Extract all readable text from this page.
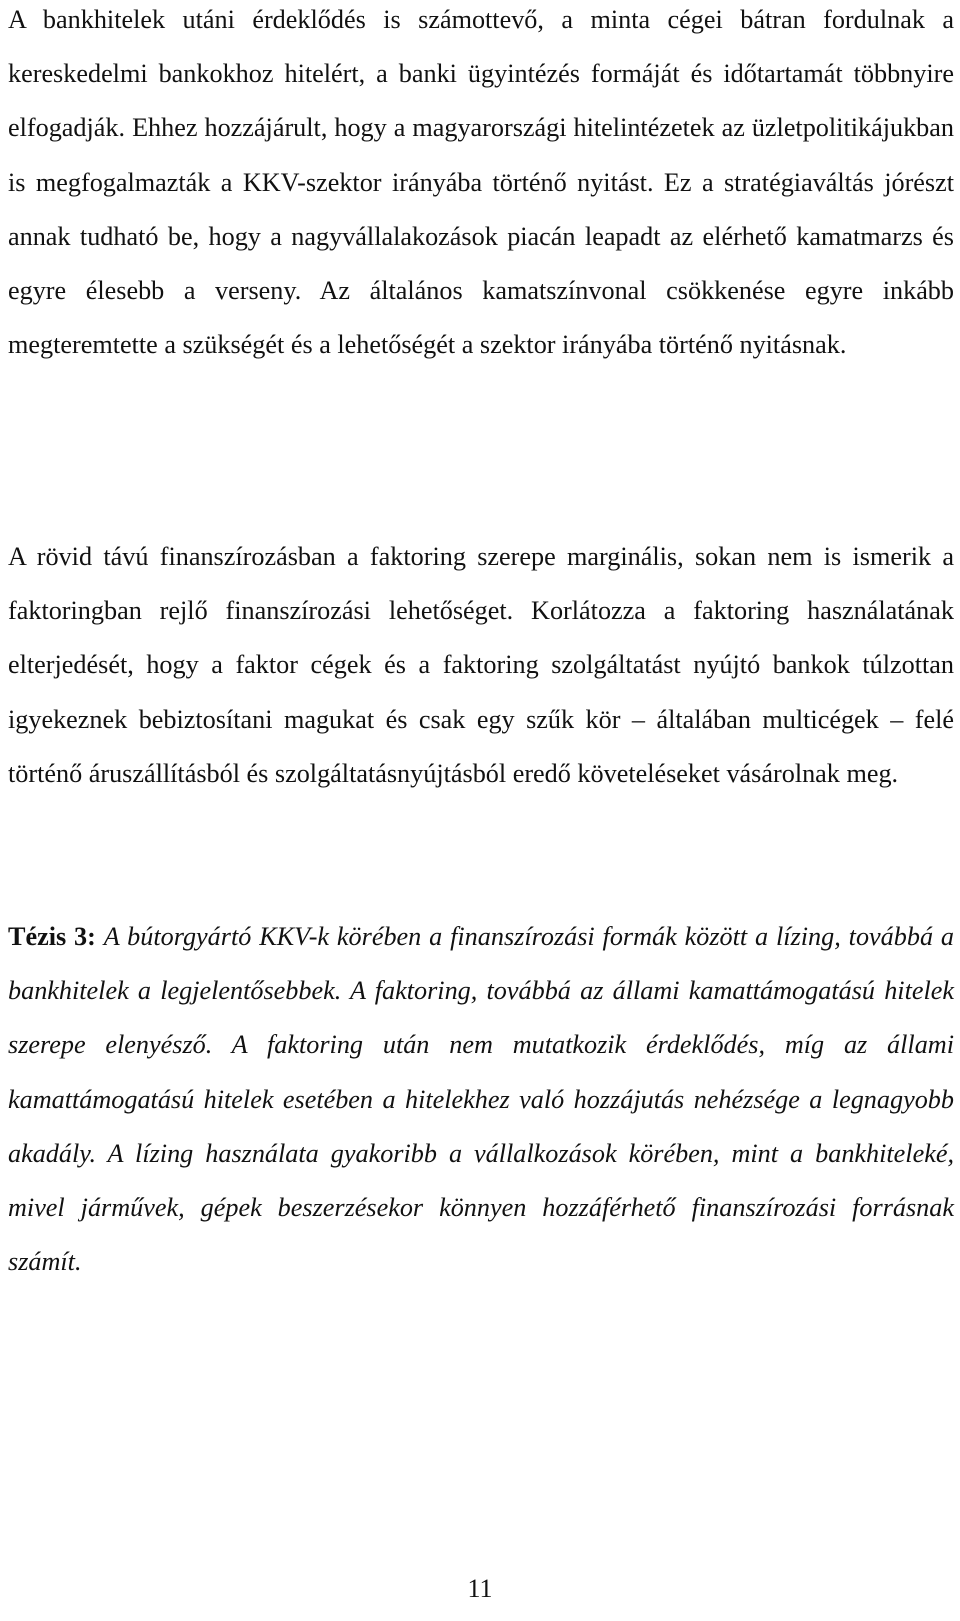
A bankhitelek utáni érdeklődés is számottevő, a minta cégei bátran fordulnak a kereskedelmi bankokhoz hitelért, a banki ügyintézés formáját és időtartamát többnyire elfogadják. Ehhez hozzájárult, hogy a magyarországi hitelintézetek az üzletpolitikájukban is megfogalmazták a KKV-szektor irányába történő nyitást. Ez a stratégiaváltás jórészt annak tudható be, hogy a nagyvállalakozások piacán leapadt az elérhető kamatmarzs és egyre élesebb a verseny. Az általános kamatszínvonal csökkenése egyre inkább megteremtette a szükségét és a lehetőségét a szektor irányába történő nyitásnak.

A rövid távú finanszírozásban a faktoring szerepe marginális, sokan nem is ismerik a faktoringban rejlő finanszírozási lehetőséget. Korlátozza a faktoring használatának elterjedését, hogy a faktor cégek és a faktoring szolgáltatást nyújtó bankok túlzottan igyekeznek bebiztosítani magukat és csak egy szűk kör – általában multicégek – felé történő áruszállításból és szolgáltatásnyújtásból eredő követeléseket vásárolnak meg.

Tézis 3: A bútorgyártó KKV-k körében a finanszírozási formák között a lízing, továbbá a bankhitelek a legjelentősebbek. A faktoring, továbbá az állami kamattámogatású hitelek szerepe elenyésző. A faktoring után nem mutatkozik érdeklődés, míg az állami kamattámogatású hitelek esetében a hitelekhez való hozzájutás nehézsége a legnagyobb akadály. A lízing használata gyakoribb a vállalkozások körében, mint a bankhiteleké, mivel járművek, gépek beszerzésekor könnyen hozzáférhető finanszírozási forrásnak számít.

11
